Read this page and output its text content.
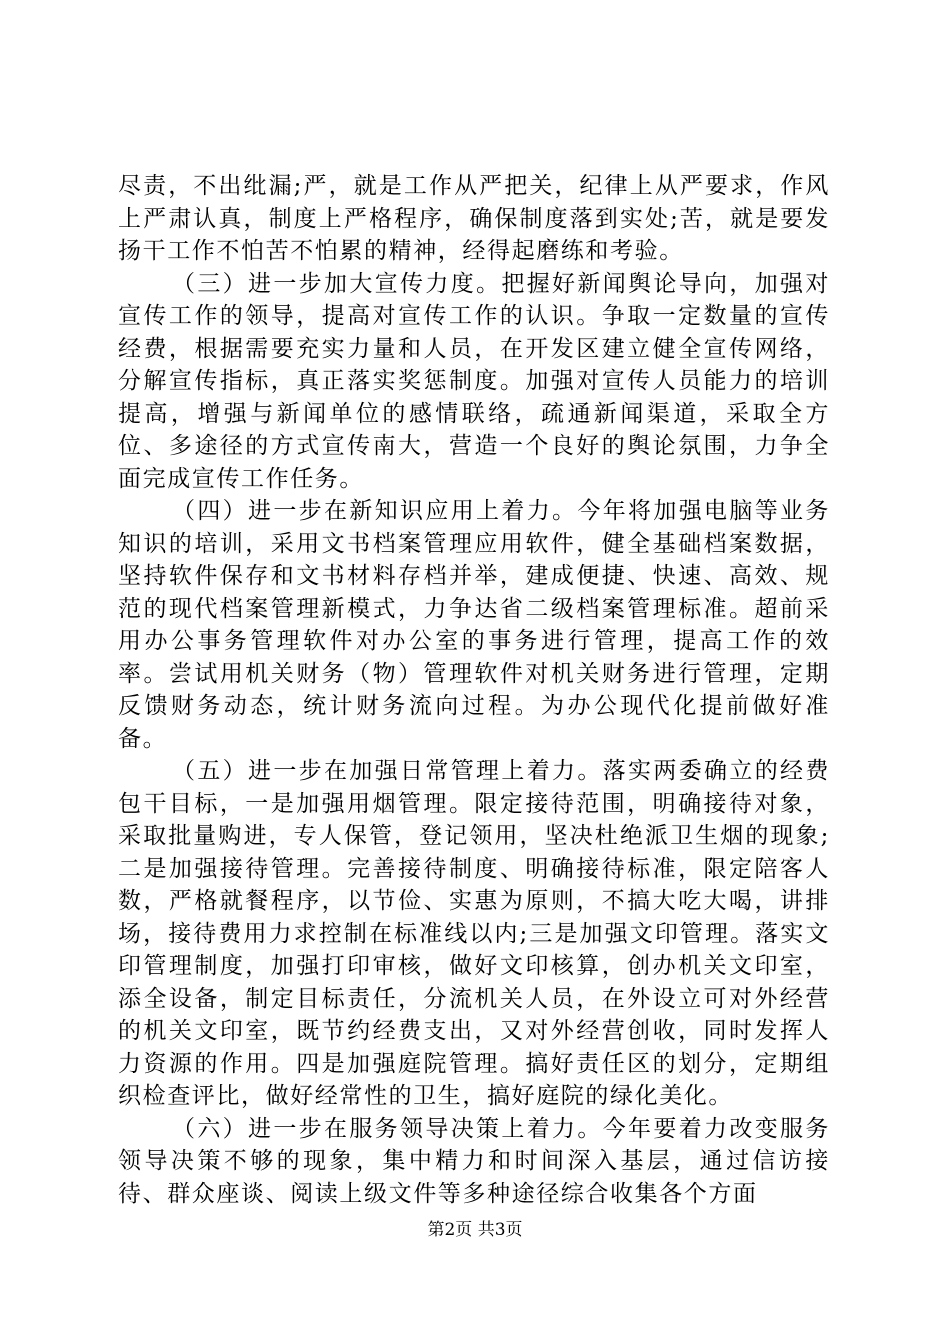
尽责，不出纰漏;严，就是工作从严把关，纪律上从严要求，作风上严肃认真，制度上严格程序，确保制度落到实处;苦，就是要发扬干工作不怕苦不怕累的精神，经得起磨练和考验。

（三）进一步加大宣传力度。把握好新闻舆论导向，加强对宣传工作的领导，提高对宣传工作的认识。争取一定数量的宣传经费，根据需要充实力量和人员，在开发区建立健全宣传网络，分解宣传指标，真正落实奖惩制度。加强对宣传人员能力的培训提高，增强与新闻单位的感情联络，疏通新闻渠道，采取全方位、多途径的方式宣传南大，营造一个良好的舆论氛围，力争全面完成宣传工作任务。

（四）进一步在新知识应用上着力。今年将加强电脑等业务知识的培训，采用文书档案管理应用软件，健全基础档案数据，坚持软件保存和文书材料存档并举，建成便捷、快速、高效、规范的现代档案管理新模式，力争达省二级档案管理标准。超前采用办公事务管理软件对办公室的事务进行管理，提高工作的效率。尝试用机关财务（物）管理软件对机关财务进行管理，定期反馈财务动态，统计财务流向过程。为办公现代化提前做好准备。

（五）进一步在加强日常管理上着力。落实两委确立的经费包干目标，一是加强用烟管理。限定接待范围，明确接待对象，采取批量购进，专人保管，登记领用，坚决杜绝派卫生烟的现象;二是加强接待管理。完善接待制度、明确接待标准，限定陪客人数，严格就餐程序，以节俭、实惠为原则，不搞大吃大喝，讲排场，接待费用力求控制在标准线以内;三是加强文印管理。落实文印管理制度，加强打印审核，做好文印核算，创办机关文印室，添全设备，制定目标责任，分流机关人员，在外设立可对外经营的机关文印室，既节约经费支出，又对外经营创收，同时发挥人力资源的作用。四是加强庭院管理。搞好责任区的划分，定期组织检查评比，做好经常性的卫生，搞好庭院的绿化美化。

（六）进一步在服务领导决策上着力。今年要着力改变服务领导决策不够的现象，集中精力和时间深入基层，通过信访接待、群众座谈、阅读上级文件等多种途径综合收集各个方面

第2页 共3页
